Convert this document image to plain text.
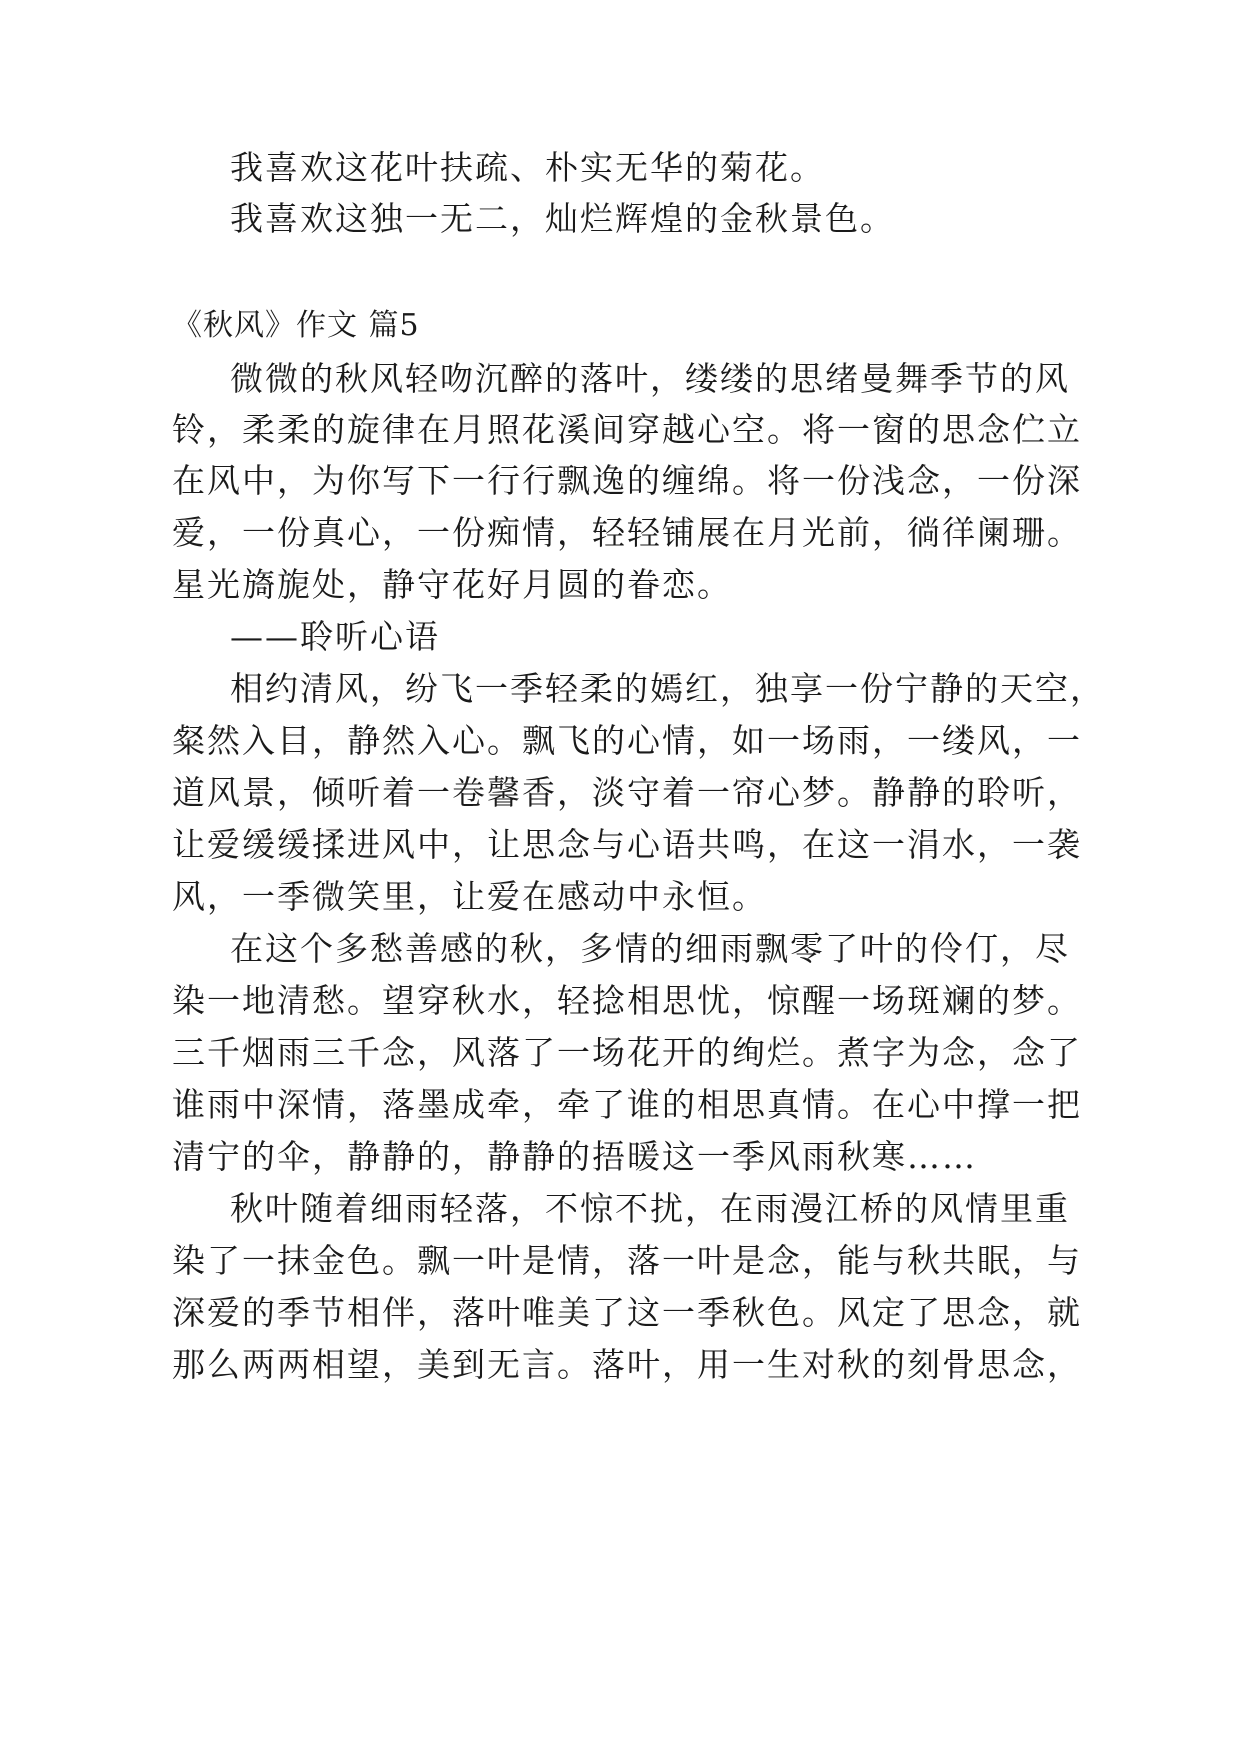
我喜欢这花叶扶疏、朴实无华的菊花。
我喜欢这独一无二，灿烂辉煌的金秋景色。
《秋风》作文 篇5
微微的秋风轻吻沉醉的落叶，缕缕的思绪曼舞季节的风
铃，柔柔的旋律在月照花溪间穿越心空。将一窗的思念伫立
在风中，为你写下一行行飘逸的缠绵。将一份浅念，一份深
爱，一份真心，一份痴情，轻轻铺展在月光前，徜徉阑珊。
星光旖旎处，静守花好月圆的眷恋。
——聆听心语
相约清风，纷飞一季轻柔的嫣红，独享一份宁静的天空，
粲然入目，静然入心。飘飞的心情，如一场雨，一缕风，一
道风景，倾听着一卷馨香，淡守着一帘心梦。静静的聆听，
让爱缓缓揉进风中，让思念与心语共鸣，在这一涓水，一袭
风，一季微笑里，让爱在感动中永恒。
在这个多愁善感的秋，多情的细雨飘零了叶的伶仃，尽
染一地清愁。望穿秋水，轻捻相思忧，惊醒一场斑斓的梦。
三千烟雨三千念，风落了一场花开的绚烂。煮字为念，念了
谁雨中深情，落墨成牵，牵了谁的相思真情。在心中撑一把
清宁的伞，静静的，静静的捂暖这一季风雨秋寒……
秋叶随着细雨轻落，不惊不扰，在雨漫江桥的风情里重
染了一抹金色。飘一叶是情，落一叶是念，能与秋共眠，与
深爱的季节相伴，落叶唯美了这一季秋色。风定了思念，就
那么两两相望，美到无言。落叶，用一生对秋的刻骨思念，
